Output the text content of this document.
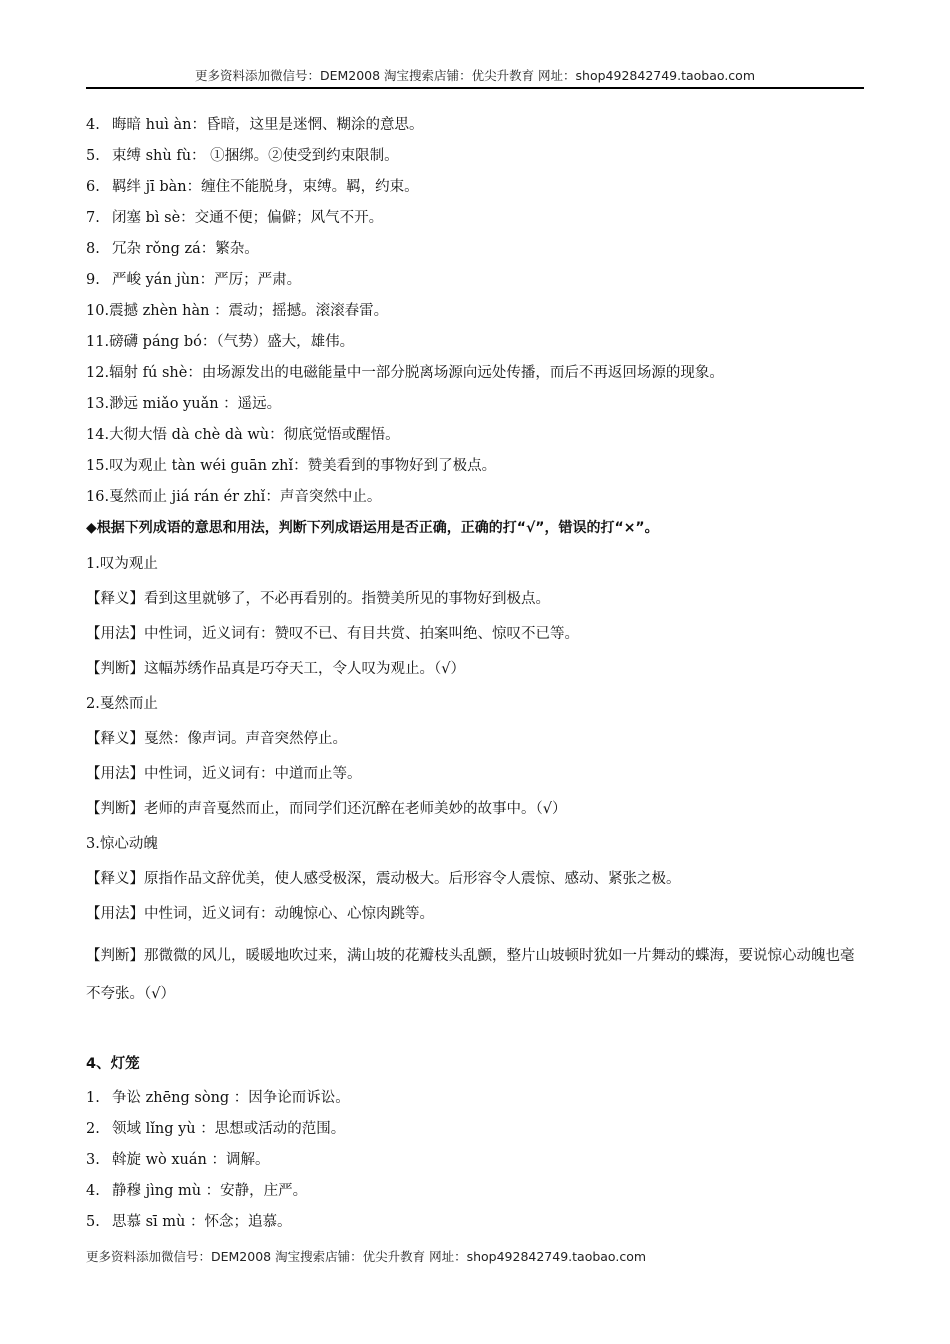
更多资料添加微信号：DEM2008 淘宝搜索店铺：优尖升教育 网址：shop492842749.taobao.com
4. 晦暗 huì àn：昏暗，这里是迷惘、糊涂的意思。
5. 束缚 shù fù： ①捆绑。②使受到约束限制。
6. 羁绊 jī bàn：缠住不能脱身，束缚。羁，约束。
7. 闭塞 bì sè：交通不便；偏僻；风气不开。
8. 冗杂 rǒng zá：繁杂。
9. 严峻 yán jùn：严厉；严肃。
10.震撼 zhèn hàn ：震动；摇撼。滚滚春雷。
11.磅礴 páng bó：（气势）盛大，雄伟。
12.辐射 fú shè：由场源发出的电磁能量中一部分脱离场源向远处传播，而后不再返回场源的现象。
13.渺远 miǎo yuǎn ：遥远。
14.大彻大悟 dà chè dà wù：彻底觉悟或醒悟。
15.叹为观止 tàn wéi guān zhǐ：赞美看到的事物好到了极点。
16.戛然而止 jiá rán ér zhǐ：声音突然中止。
◆根据下列成语的意思和用法，判断下列成语运用是否正确，正确的打“√”，错误的打“×”。
1.叹为观止
【释义】看到这里就够了，不必再看别的。指赞美所见的事物好到极点。
【用法】中性词，近义词有：赞叹不已、有目共赏、拍案叫绝、惊叹不已等。
【判断】这幅苏绣作品真是巧夺天工，令人叹为观止。（√）
2.戛然而止
【释义】戛然：像声词。声音突然停止。
【用法】中性词，近义词有：中道而止等。
【判断】老师的声音戛然而止，而同学们还沉醉在老师美妙的故事中。（√）
3.惊心动魄
【释义】原指作品文辞优美，使人感受极深，震动极大。后形容令人震惊、感动、紧张之极。
【用法】中性词，近义词有：动魄惊心、心惊肉跳等。
【判断】那微微的风儿，暖暖地吹过来，满山坡的花瓣枝头乱颤，整片山坡顿时犹如一片舞动的蝶海，要说惊心动魄也毫不夸张。（√）
4、灯笼
1. 争讼 zhēng sòng ：因争论而诉讼。
2. 领域 lǐng yù ：思想或活动的范围。
3. 斡旋 wò xuán ：调解。
4. 静穆 jìng mù ：安静，庄严。
5. 思慕 sī mù ：怀念；追慕。
更多资料添加微信号：DEM2008 淘宝搜索店铺：优尖升教育 网址：shop492842749.taobao.com
